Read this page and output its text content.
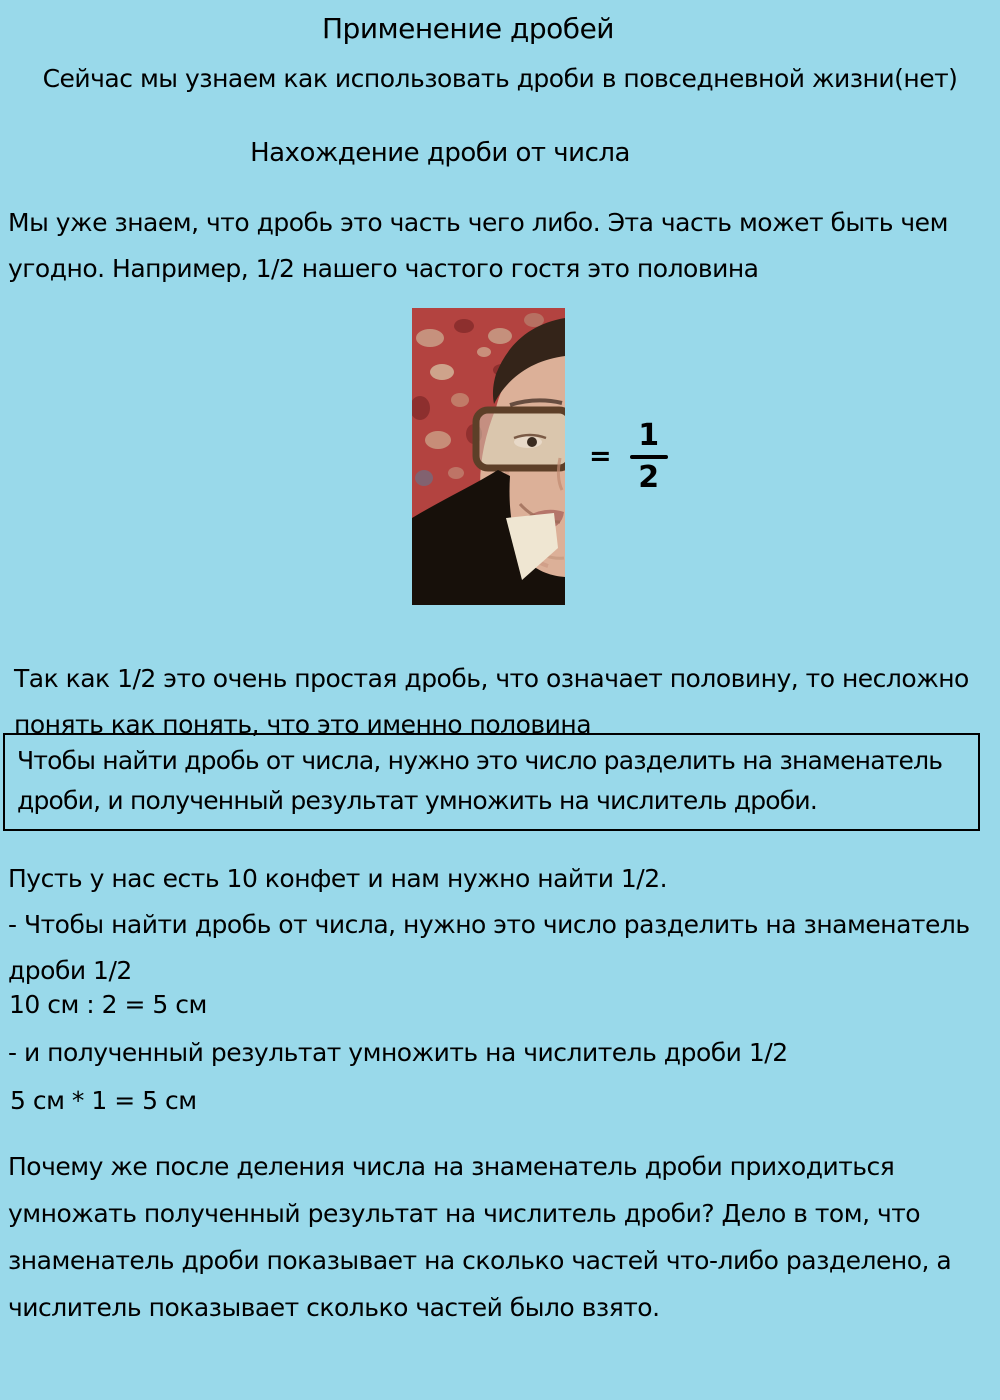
Применение дробей
Сейчас мы узнаем как использовать дроби в повседневной жизни(нет)
Нахождение дроби от числа
Мы уже знаем, что дробь это часть чего либо. Эта часть может быть чем
угодно. Например, 1/2 нашего частого гостя это половина
= $\frac{1}{2}$
Так как 1/2 это очень простая дробь, что означает половину, то несложно
понять как понять, что это именно половина
Чтобы найти дробь от числа, нужно это число разделить на знаменатель
дроби, и полученный результат умножить на числитель дроби.
Пусть у нас есть 10 конфет и нам нужно найти 1/2.
- Чтобы найти дробь от числа, нужно это число разделить на знаменатель
дроби 1/2
10 см : 2 = 5 см
- и полученный результат умножить на числитель дроби 1/2
5 см * 1 = 5 см
Почему же после деления числа на знаменатель дроби приходиться
умножать полученный результат на числитель дроби? Дело в том, что
знаменатель дроби показывает на сколько частей что-либо разделено, а
числитель показывает сколько частей было взято.
